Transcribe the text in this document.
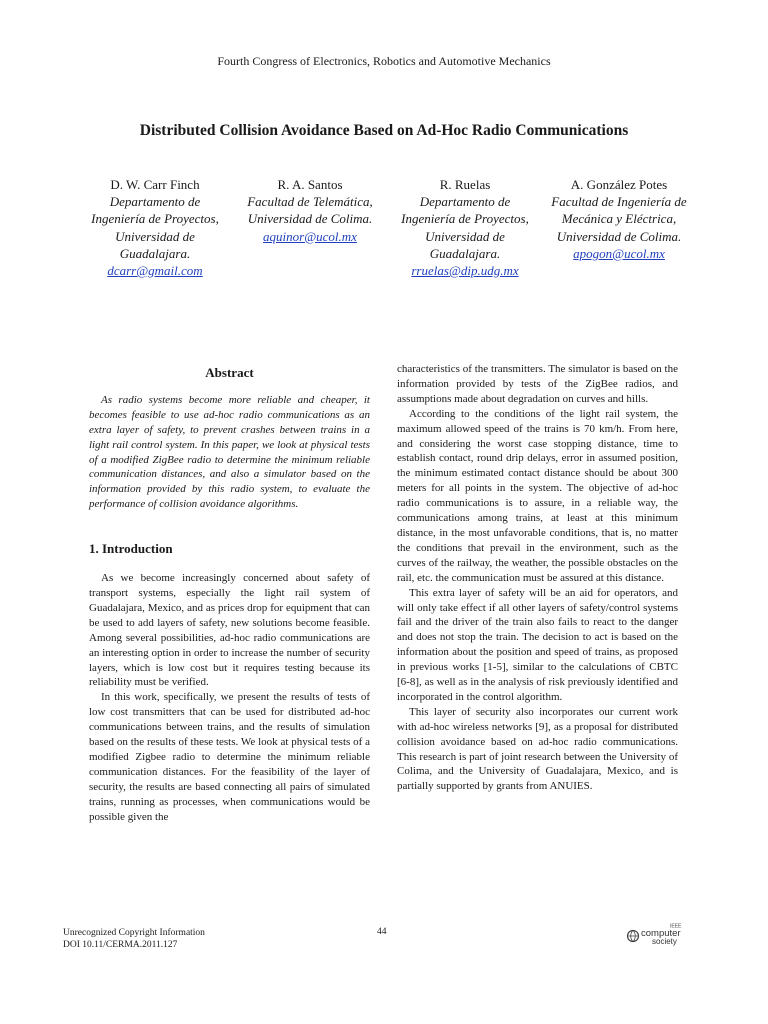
Fourth Congress of Electronics, Robotics and Automotive Mechanics
Distributed Collision Avoidance Based on Ad-Hoc Radio Communications
D. W. Carr Finch
Departamento de Ingeniería de Proyectos, Universidad de Guadalajara.
dcarr@gmail.com
R. A. Santos
Facultad de Telemática, Universidad de Colima.
aquinor@ucol.mx
R. Ruelas
Departamento de Ingeniería de Proyectos, Universidad de Guadalajara.
rruelas@dip.udg.mx
A. González Potes
Facultad de Ingeniería de Mecánica y Eléctrica, Universidad de Colima.
apogon@ucol.mx
Abstract

As radio systems become more reliable and cheaper, it becomes feasible to use ad-hoc radio communications as an extra layer of safety, to prevent crashes between trains in a light rail control system. In this paper, we look at physical tests of a modified ZigBee radio to determine the minimum reliable communication distances, and also a simulator based on the information provided by this radio system, to evaluate the performance of collision avoidance algorithms.

1. Introduction

As we become increasingly concerned about safety of transport systems, especially the light rail system of Guadalajara, Mexico, and as prices drop for equipment that can be used to add layers of safety, new solutions become feasible. Among several possibilities, ad-hoc radio communications are an interesting option in order to increase the number of security layers, which is low cost but it requires testing because its reliability must be verified.

In this work, specifically, we present the results of tests of low cost transmitters that can be used for distributed ad-hoc communications between trains, and the results of simulation based on the results of these tests. We look at physical tests of a modified Zigbee radio to determine the minimum reliable communication distances. For the feasibility of the layer of security, the results are based connecting all pairs of simulated trains, running as processes, when communications would be possible given the

characteristics of the transmitters. The simulator is based on the information provided by tests of the ZigBee radios, and assumptions made about degradation on curves and hills.

According to the conditions of the light rail system, the maximum allowed speed of the trains is 70 km/h. From here, and considering the worst case stopping distance, time to establish contact, round drip delays, error in assumed position, the minimum estimated contact distance should be about 300 meters for all points in the system. The objective of ad-hoc radio communications is to assure, in a reliable way, the communications among trains, at least at this minimum distance, in the most unfavorable conditions, that is, no matter the conditions that prevail in the environment, such as the curves of the railway, the weather, the possible obstacles on the rail, etc. the communication must be assured at this distance.

This extra layer of safety will be an aid for operators, and will only take effect if all other layers of safety/control systems fail and the driver of the train also fails to react to the danger and does not stop the train. The decision to act is based on the information about the position and speed of trains, as proposed in previous works [1-5], similar to the calculations of CBTC [6-8], as well as in the analysis of risk previously identified and incorporated in the control algorithm.

This layer of security also incorporates our current work with ad-hoc wireless networks [9], as a proposal for distributed collision avoidance based on ad-hoc radio communications. This research is part of joint research between the University of Colima, and the University of Guadalajara, Mexico, and is partially supported by grants from ANUIES.

Unrecognized Copyright Information
DOI 10.11/CERMA.2011.127
44
IEEE
computer
society
